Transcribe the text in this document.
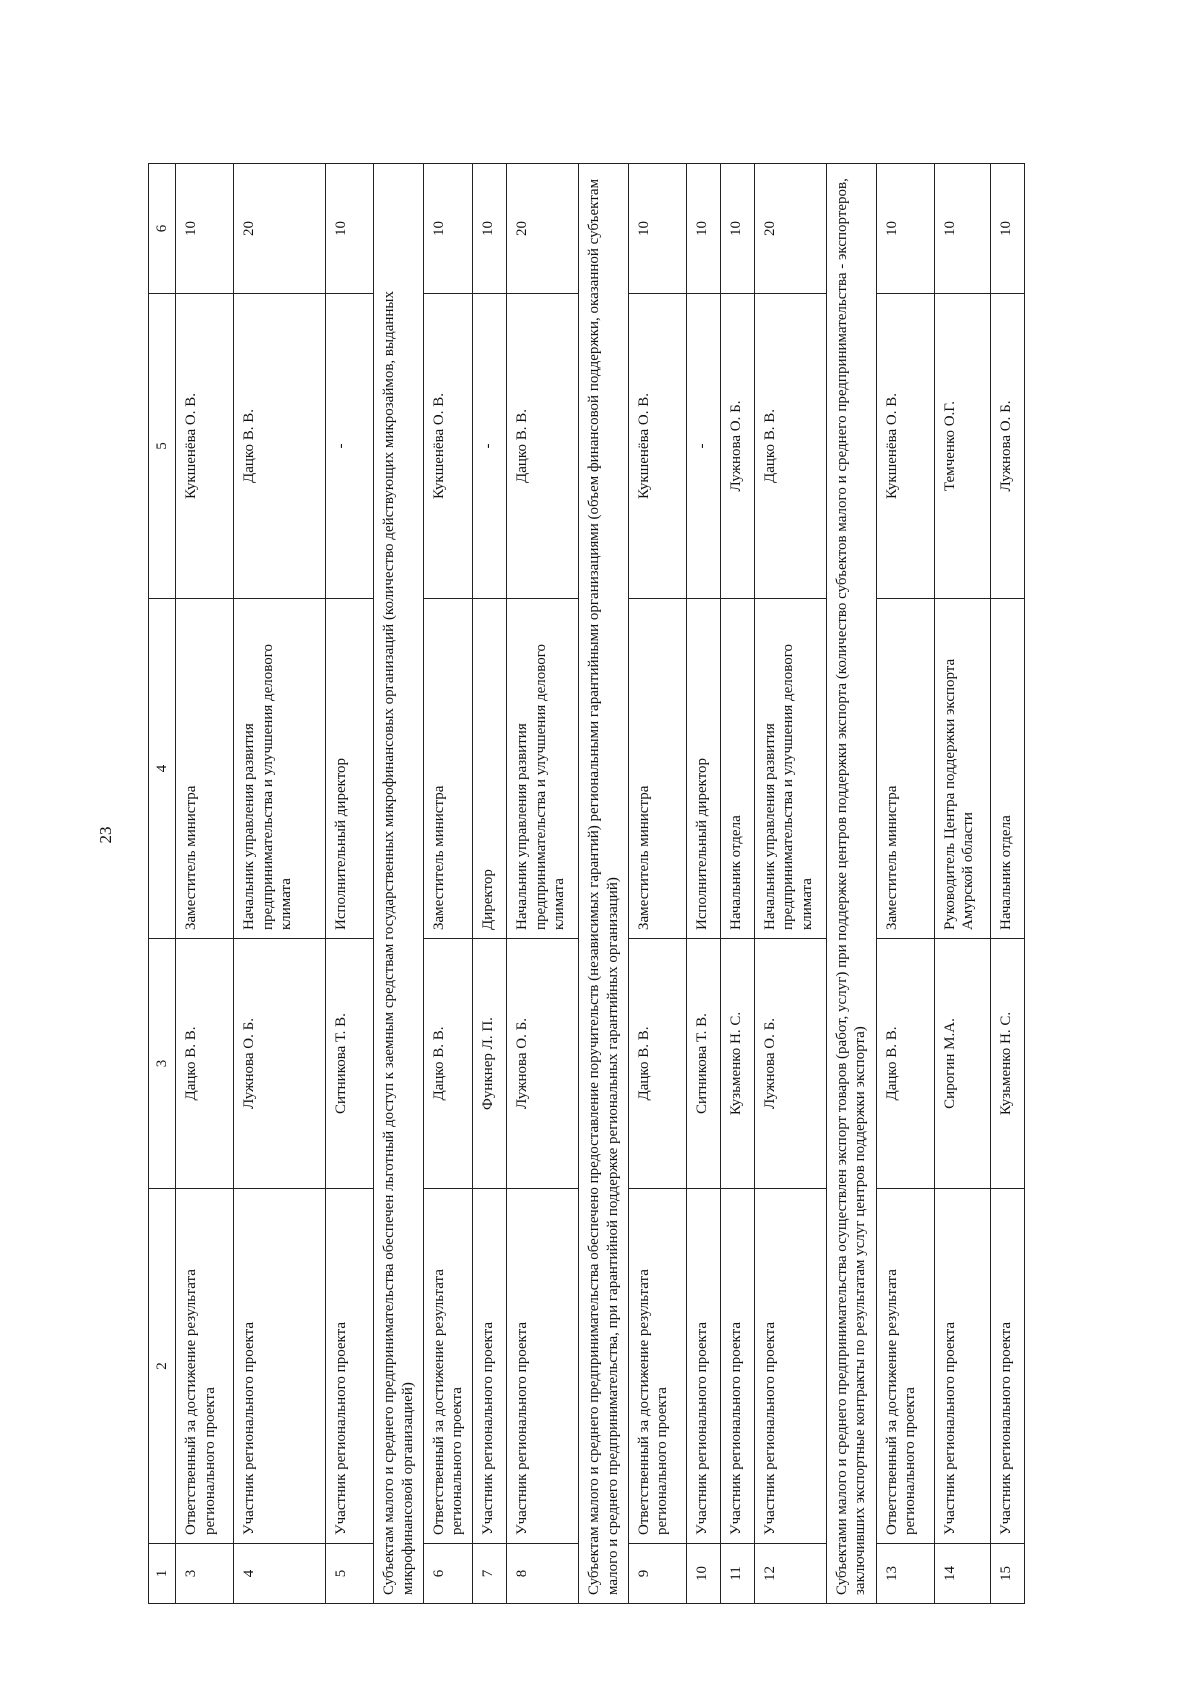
23
1	2	3	4	5	6
3	Ответственный за достижение результата регионального проекта	Дацко В. В.	Заместитель министра	Кукшенёва О. В.	10
4	Участник регионального проекта	Лужнова О. Б.	Начальник управления развития предпринимательства и улучшения делового климата	Дацко В. В.	20
5	Участник регионального проекта	Ситникова Т. В.	Исполнительный директор	-	10
Субъектам малого и среднего предпринимательства обеспечен льготный доступ к заемным средствам государственных микрофинансовых организаций (количество действующих микрозаймов, выданных микрофинансовой организацией)					
6	Ответственный за достижение результата регионального проекта	Дацко В. В.	Заместитель министра	Кукшенёва О. В.	10
7	Участник регионального проекта	Функнер Л. П.	Директор	-	10
8	Участник регионального проекта	Лужнова О. Б.	Начальник управления развития предпринимательства и улучшения делового климата	Дацко В. В.	20
Субъектам малого и среднего предпринимательства обеспечено предоставление поручительств (независимых гарантий) региональными гарантийными организациями (объем финансовой поддержки, оказанной субъектам малого и среднего предпринимательства, при гарантийной поддержке региональных гарантийных организаций)					
9	Ответственный за достижение результата регионального проекта	Дацко В. В.	Заместитель министра	Кукшенёва О. В.	10
10	Участник регионального проекта	Ситникова Т. В.	Исполнительный директор	-	10
11	Участник регионального проекта	Кузьменко Н. С.	Начальник отдела	Лужнова О. Б.	10
12	Участник регионального проекта	Лужнова О. Б.	Начальник управления развития предпринимательства и улучшения делового климата	Дацко В. В.	20
Субъектами малого и среднего предпринимательства осуществлен экспорт товаров (работ, услуг) при поддержке центров поддержки экспорта (количество субъектов малого и среднего предпринимательства - экспортеров, заключивших экспортные контракты по результатам услуг центров поддержки экспорта)					
13	Ответственный за достижение результата регионального проекта	Дацко В. В.	Заместитель министра	Кукшенёва О. В.	10
14	Участник регионального проекта	Сирогин М.А.	Руководитель Центра поддержки экспорта Амурской области	Темченко О.Г.	10
15	Участник регионального проекта	Кузьменко Н. С.	Начальник отдела	Лужнова О. Б.	10
